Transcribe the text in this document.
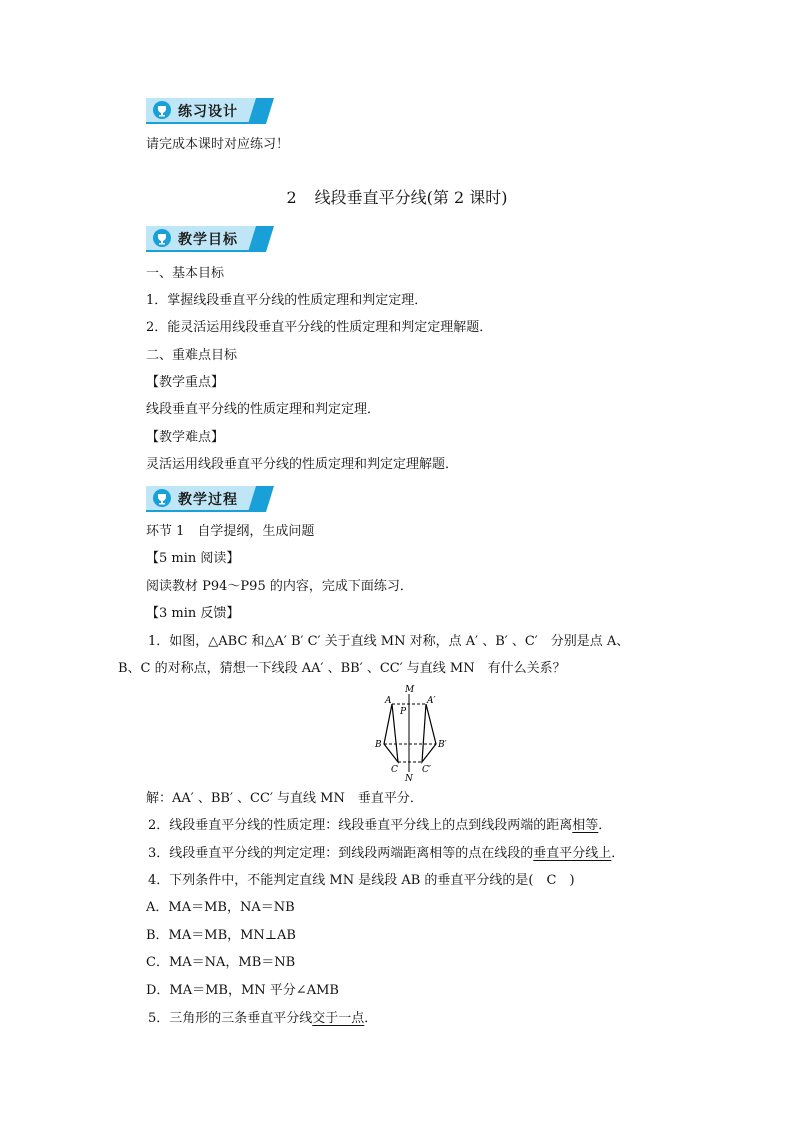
练习设计
请完成本课时对应练习！
2 线段垂直平分线(第 2 课时)
教学目标
一、基本目标
1．掌握线段垂直平分线的性质定理和判定定理．
2．能灵活运用线段垂直平分线的性质定理和判定定理解题．
二、重难点目标
【教学重点】
线段垂直平分线的性质定理和判定定理．
【教学难点】
灵活运用线段垂直平分线的性质定理和判定定理解题．
教学过程
环节 1　自学提纲，生成问题
【5 min 阅读】
阅读教材 P94～P95 的内容，完成下面练习．
【3 min 反馈】
1．如图，△ABC 和△A′ B′ C′ 关于直线 MN 对称，点 A′ 、B′ 、C′　分别是点 A、
B、C 的对称点，猜想一下线段 AA′ 、BB′ 、CC′ 与直线 MN　有什么关系？
M
N
P
A	A′
B	B′
C	C′
解：AA′ 、BB′ 、CC′ 与直线 MN　垂直平分．
2．线段垂直平分线的性质定理：线段垂直平分线上的点到线段两端的距离相等．
3．线段垂直平分线的判定定理：到线段两端距离相等的点在线段的垂直平分线上．
4．下列条件中，不能判定直线 MN 是线段 AB 的垂直平分线的是(　C　)
A．MA＝MB，NA＝NB
B．MA＝MB，MN⊥AB
C．MA＝NA，MB＝NB
D．MA＝MB，MN 平分∠AMB
5．三角形的三条垂直平分线交于一点．
